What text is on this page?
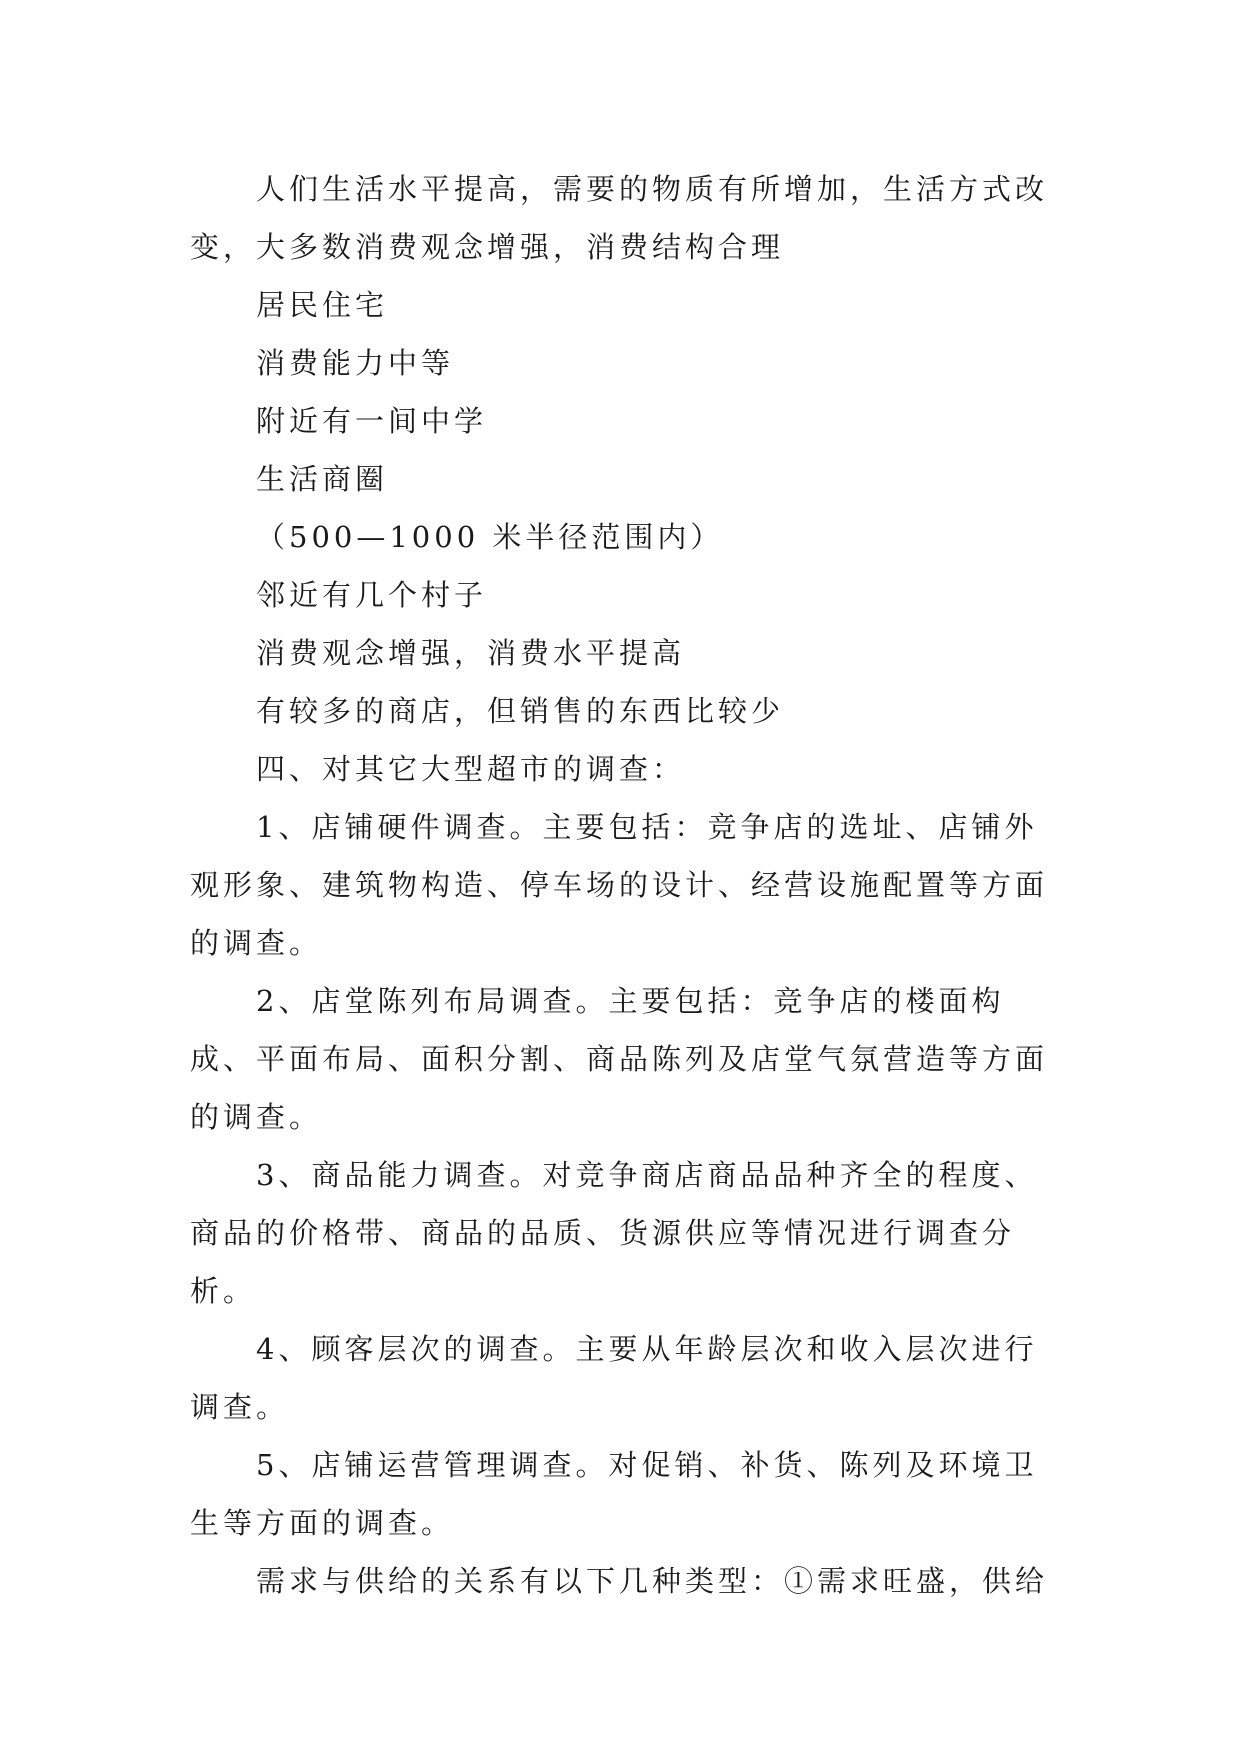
人们生活水平提高，需要的物质有所增加，生活方式改变，大多数消费观念增强，消费结构合理

居民住宅

消费能力中等

附近有一间中学

生活商圈

（500—1000 米半径范围内）

邻近有几个村子

消费观念增强，消费水平提高

有较多的商店，但销售的东西比较少

四、对其它大型超市的调查：

1、店铺硬件调查。主要包括：竞争店的选址、店铺外观形象、建筑物构造、停车场的设计、经营设施配置等方面的调查。

2、店堂陈列布局调查。主要包括：竞争店的楼面构成、平面布局、面积分割、商品陈列及店堂气氛营造等方面的调查。

3、商品能力调查。对竞争商店商品品种齐全的程度、商品的价格带、商品的品质、货源供应等情况进行调查分析。

4、顾客层次的调查。主要从年龄层次和收入层次进行调查。

5、店铺运营管理调查。对促销、补货、陈列及环境卫生等方面的调查。

需求与供给的关系有以下几种类型：①需求旺盛，供给
